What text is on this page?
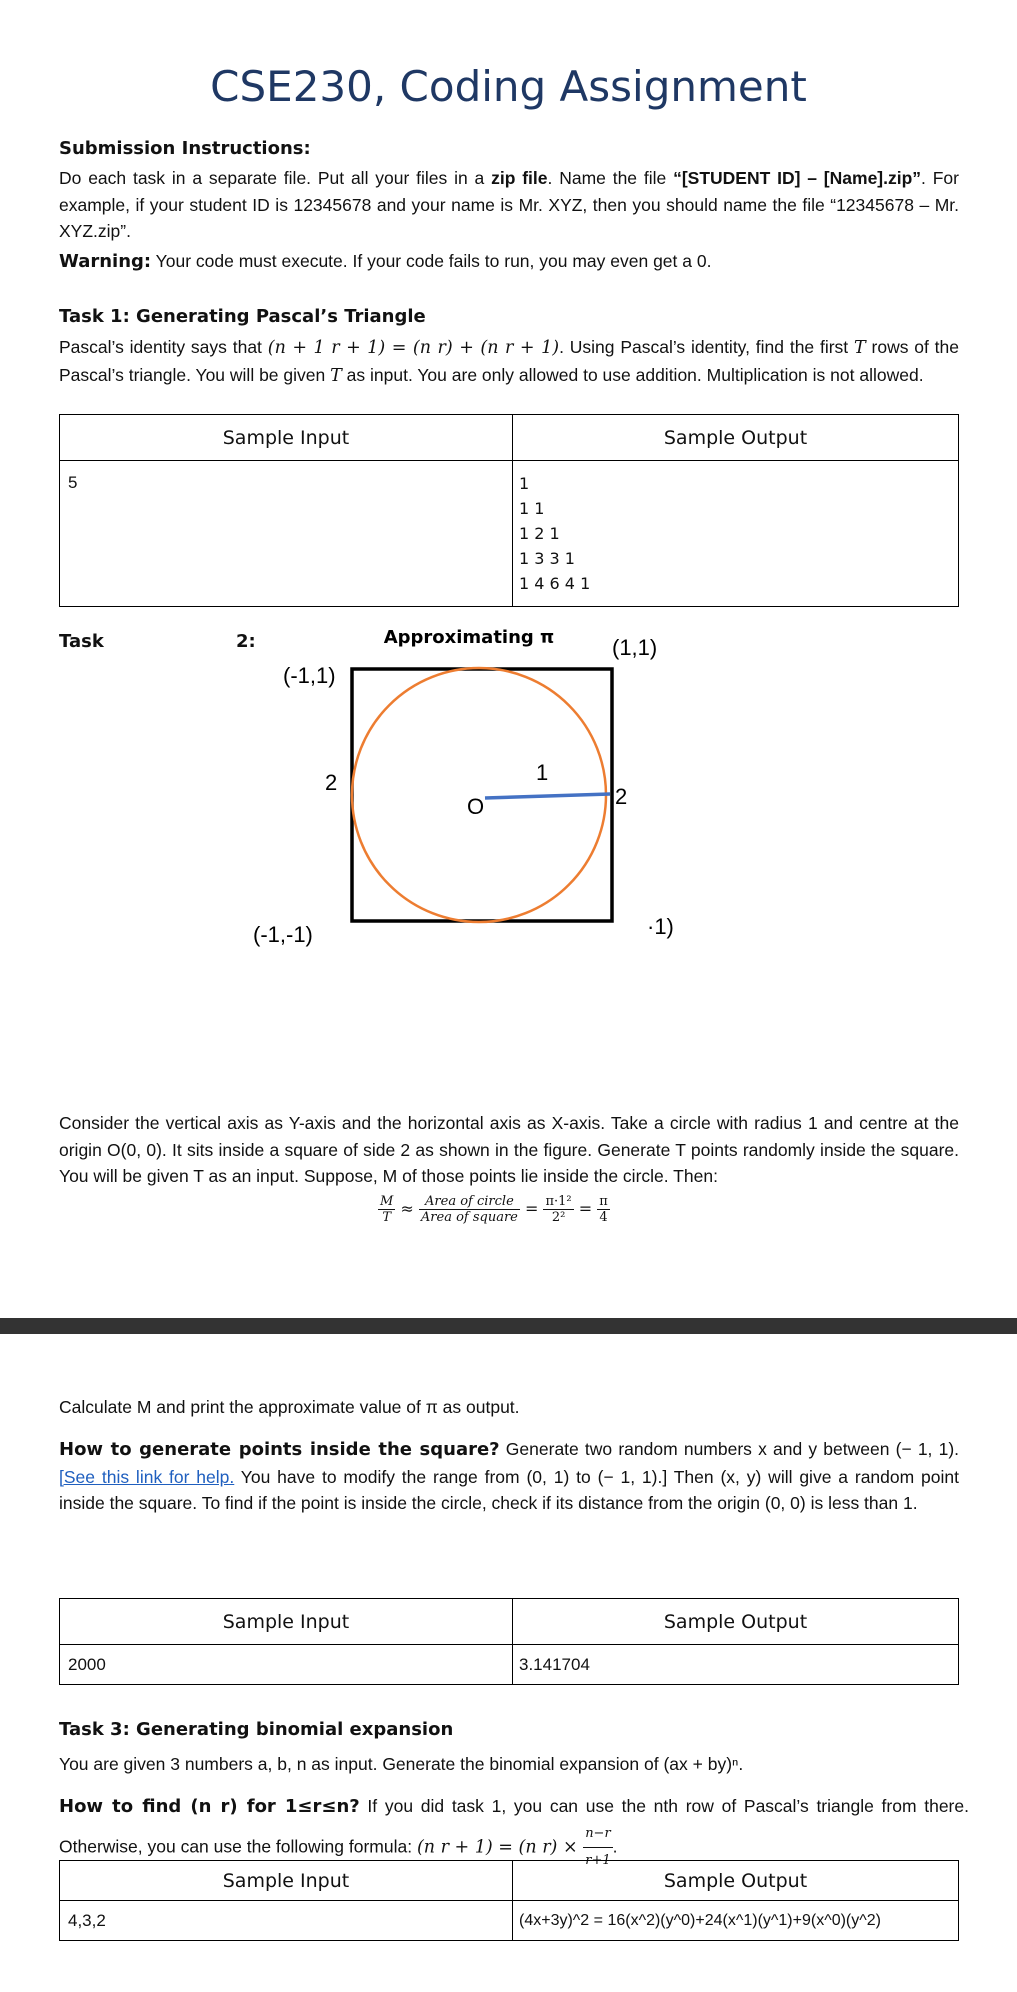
CSE230, Coding Assignment
Submission Instructions:
Do each task in a separate file. Put all your files in a zip file. Name the file “[STUDENT ID] – [Name].zip”. For example, if your student ID is 12345678 and your name is Mr. XYZ, then you should name the file “12345678 – Mr. XYZ.zip”.
Warning: Your code must execute. If your code fails to run, you may even get a 0.
Task 1: Generating Pascal’s Triangle
Pascal’s identity says that (n + 1 r + 1) = (n r) + (n r + 1). Using Pascal’s identity, find the first T rows of the Pascal’s triangle. You will be given T as input. You are only allowed to use addition. Multiplication is not allowed.
Sample Input	Sample Output
5	1
1 1
1 2 1
1 3 3 1
1 4 6 4 1
Task	2:	Approximating π
(-1,1)
(1,1)
(-1,-1)	·1)
2
2
1
O
Consider the vertical axis as Y-axis and the horizontal axis as X-axis. Take a circle with radius 1 and centre at the origin O(0, 0). It sits inside a square of side 2 as shown in the figure. Generate T points randomly inside the square. You will be given T as an input. Suppose, M of those points lie inside the circle. Then:
$\frac{M}{T} \approx \frac{\text{Area of circle}}{\text{Area of square}} = \frac{\text{π·1²}}{\text{2²}} = \frac{\pi}{4}$
Calculate M and print the approximate value of π as output.
How to generate points inside the square? Generate two random numbers x and y between (− 1, 1). [See this link for help. You have to modify the range from (0, 1) to (− 1, 1).] Then (x, y) will give a random point inside the square. To find if the point is inside the circle, check if its distance from the origin (0, 0) is less than 1.
Sample Input	Sample Output
2000	3.141704
Task 3: Generating binomial expansion
You are given 3 numbers a, b, n as input. Generate the binomial expansion of (ax + by)ⁿ.
How to find (n r) for 1≤r≤n? If you did task 1, you can use the nth row of Pascal’s triangle from there. Otherwise, you can use the following formula: (n r + 1) = (n $r) \times \frac{n-r}{r+1}$ .
Sample Input	Sample Output
4,3,2	(4x+3y)^2 = 16(x^2)(y^0)+24(x^1)(y^1)+9(x^0)(y^2)
